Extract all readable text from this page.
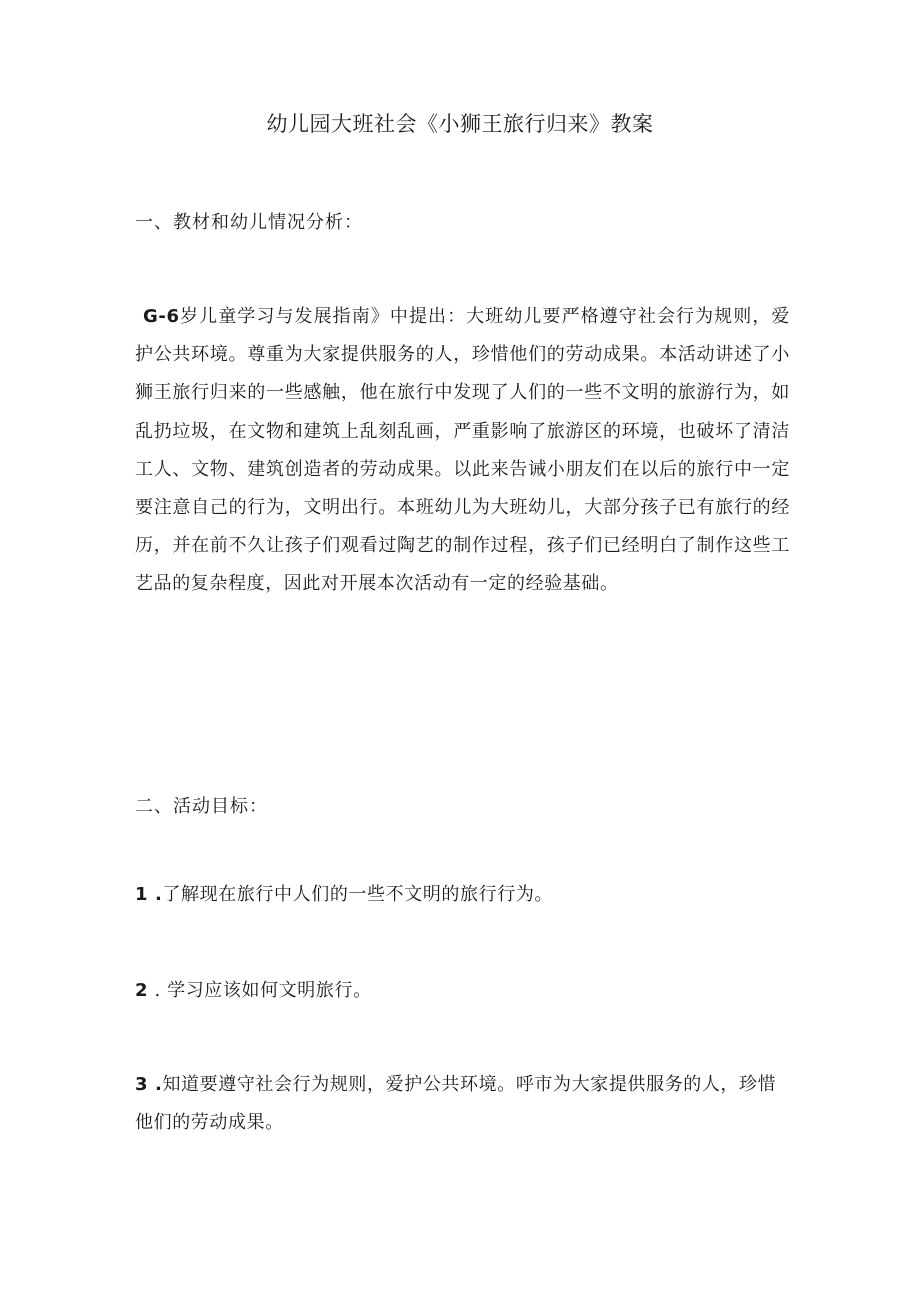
幼儿园大班社会《小狮王旅行归来》教案
一、教材和幼儿情况分析：

G-6岁儿童学习与发展指南》中提出：大班幼儿要严格遵守社会行为规则，爱护公共环境。尊重为大家提供服务的人，珍惜他们的劳动成果。本活动讲述了小狮王旅行归来的一些感触，他在旅行中发现了人们的一些不文明的旅游行为，如乱扔垃圾，在文物和建筑上乱刻乱画，严重影响了旅游区的环境，也破坏了清洁工人、文物、建筑创造者的劳动成果。以此来告诫小朋友们在以后的旅行中一定要注意自己的行为，文明出行。本班幼儿为大班幼儿，大部分孩子已有旅行的经历，并在前不久让孩子们观看过陶艺的制作过程，孩子们已经明白了制作这些工艺品的复杂程度，因此对开展本次活动有一定的经验基础。

二、活动目标：

1 .了解现在旅行中人们的一些不文明的旅行行为。

2 . 学习应该如何文明旅行。

3 .知道要遵守社会行为规则，爱护公共环境。呼市为大家提供服务的人，珍惜他们的劳动成果。
